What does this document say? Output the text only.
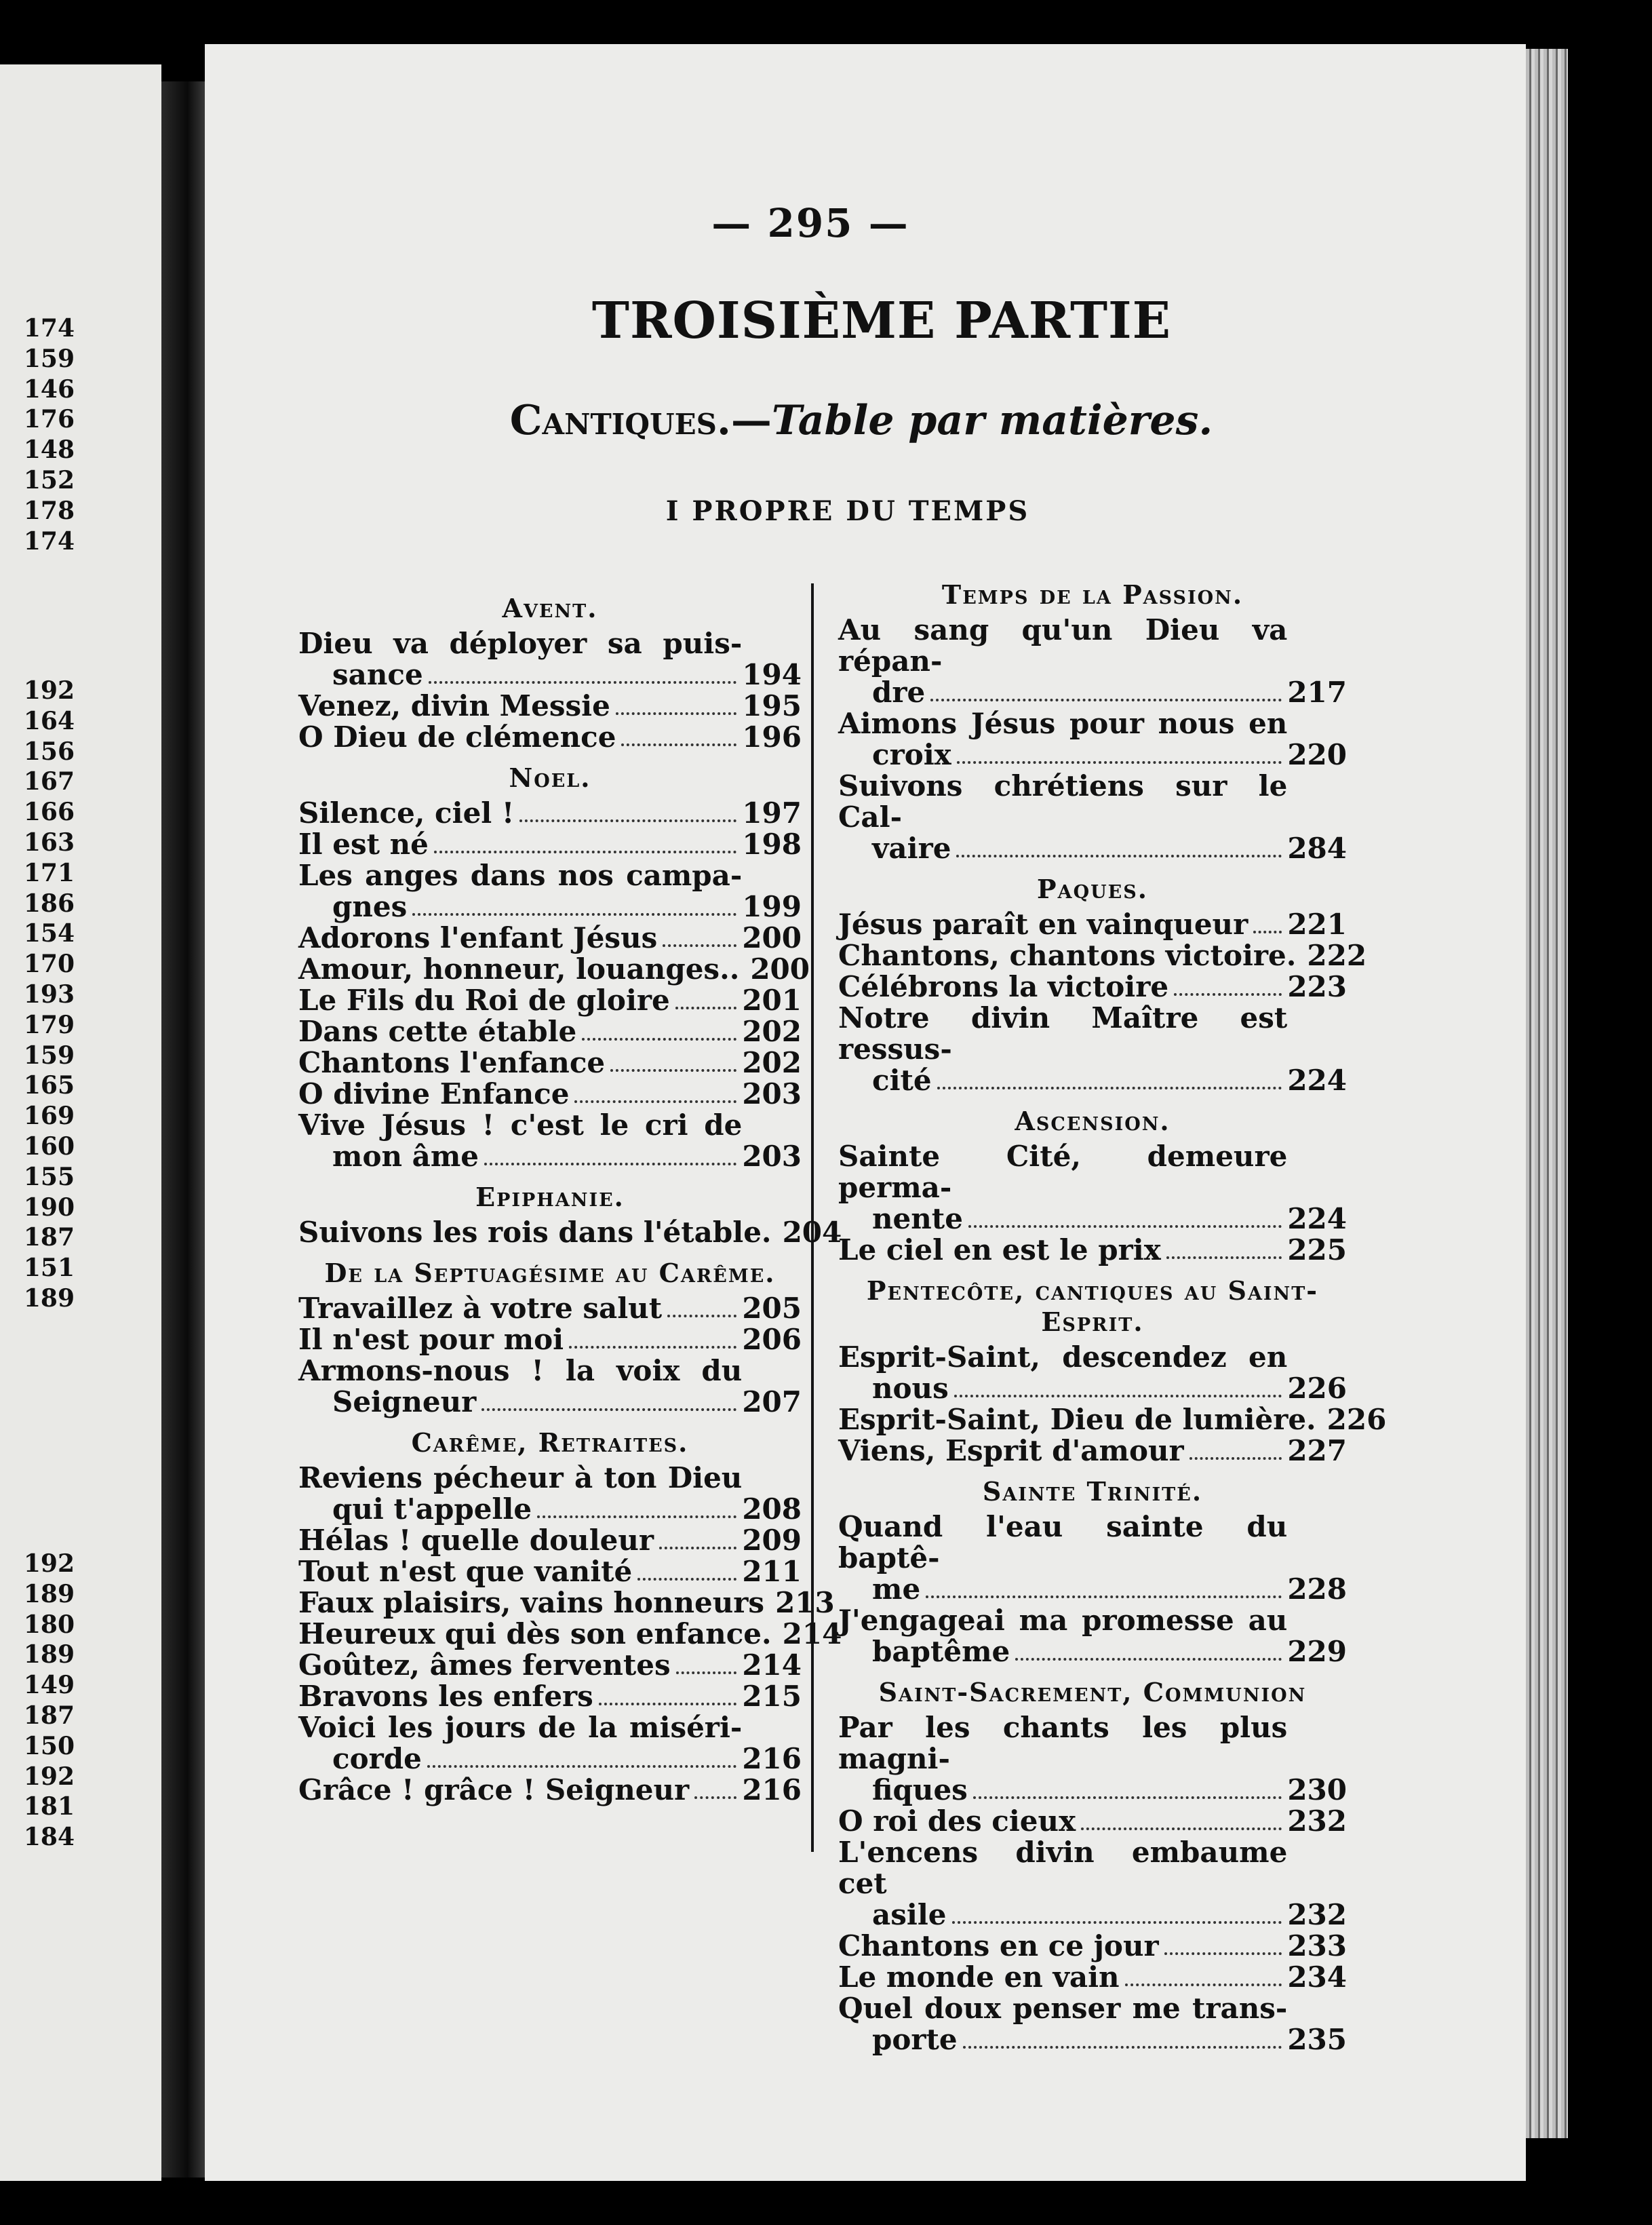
174
159
146
176
148
152
178
174
192
164
156
167
166
163
171
186
154
170
193
179
159
165
169
160
155
190
187
151
189
192
189
180
189
149
187
150
192
181
184
— 295 —
TROISIÈME PARTIE
Cantiques.—Table par matières.
I PROPRE DU TEMPS
Avent.
Dieu va déployer sa puis-
sance	194
Venez, divin Messie	195
O Dieu de clémence	196
Noel.
Silence, ciel !	197
Il est né	198
Les anges dans nos campa-
gnes	199
Adorons l'enfant Jésus	200
Amour, honneur, louanges.. 200
Le Fils du Roi de gloire	201
Dans cette étable	202
Chantons l'enfance	202
O divine Enfance	203
Vive Jésus ! c'est le cri de
mon âme	203
Epiphanie.
Suivons les rois dans l'étable. 204
De la Septuagésime au Carême.
Travaillez à votre salut	205
Il n'est pour moi	206
Armons-nous ! la voix du
Seigneur	207
Carême, Retraites.
Reviens pécheur à ton Dieu
qui t'appelle	208
Hélas ! quelle douleur	209
Tout n'est que vanité	211
Faux plaisirs, vains honneurs 213
Heureux qui dès son enfance. 214
Goûtez, âmes ferventes	214
Bravons les enfers	215
Voici les jours de la miséri-
corde	216
Grâce ! grâce ! Seigneur 216
Temps de la Passion.
Au sang qu'un Dieu va répan-
dre	217
Aimons Jésus pour nous en
croix	220
Suivons chrétiens sur le Cal-
vaire	284
Paques.
Jésus paraît en vainqueur 221
Chantons, chantons victoire. 222
Célébrons la victoire	223
Notre divin Maître est ressus-
cité	224
Ascension.
Sainte Cité, demeure perma-
nente	224
Le ciel en est le prix	225
Pentecôte, cantiques au Saint-Esprit.
Esprit-Saint, descendez en
nous	226
Esprit-Saint, Dieu de lumière. 226
Viens, Esprit d'amour	227
Sainte Trinité.
Quand l'eau sainte du baptê-
me	228
J'engageai ma promesse au
baptême	229
Saint-Sacrement, Communion
Par les chants les plus magni-
fiques	230
O roi des cieux	232
L'encens divin embaume cet
asile	232
Chantons en ce jour	233
Le monde en vain	234
Quel doux penser me trans-
porte	235
